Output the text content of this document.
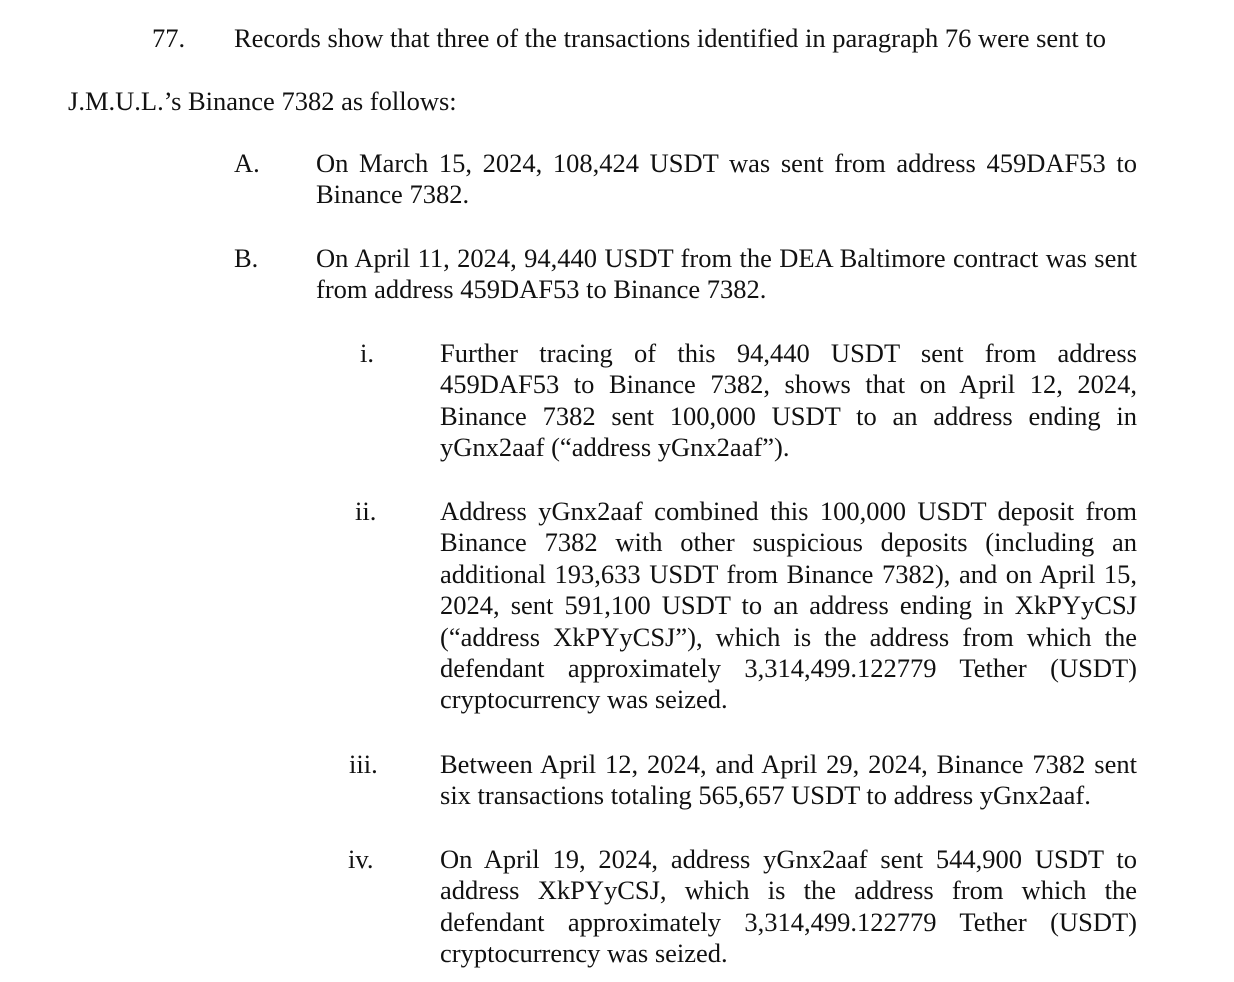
77. Records show that three of the transactions identified in paragraph 76 were sent to
J.M.U.L.’s Binance 7382 as follows:
A. On March 15, 2024, 108,424 USDT was sent from address 459DAF53 to Binance 7382.
B. On April 11, 2024, 94,440 USDT from the DEA Baltimore contract was sent from address 459DAF53 to Binance 7382.
i. Further tracing of this 94,440 USDT sent from address 459DAF53 to Binance 7382, shows that on April 12, 2024, Binance 7382 sent 100,000 USDT to an address ending in yGnx2aaf (“address yGnx2aaf”).
ii. Address yGnx2aaf combined this 100,000 USDT deposit from Binance 7382 with other suspicious deposits (including an additional 193,633 USDT from Binance 7382), and on April 15, 2024, sent 591,100 USDT to an address ending in XkPYyCSJ (“address XkPYyCSJ”), which is the address from which the defendant approximately 3,314,499.122779 Tether (USDT) cryptocurrency was seized.
iii. Between April 12, 2024, and April 29, 2024, Binance 7382 sent six transactions totaling 565,657 USDT to address yGnx2aaf.
iv.	On April 19, 2024, address yGnx2aaf sent 544,900 USDT to address XkPYyCSJ, which is the address from which the defendant approximately 3,314,499.122779 Tether (USDT) cryptocurrency was seized.
